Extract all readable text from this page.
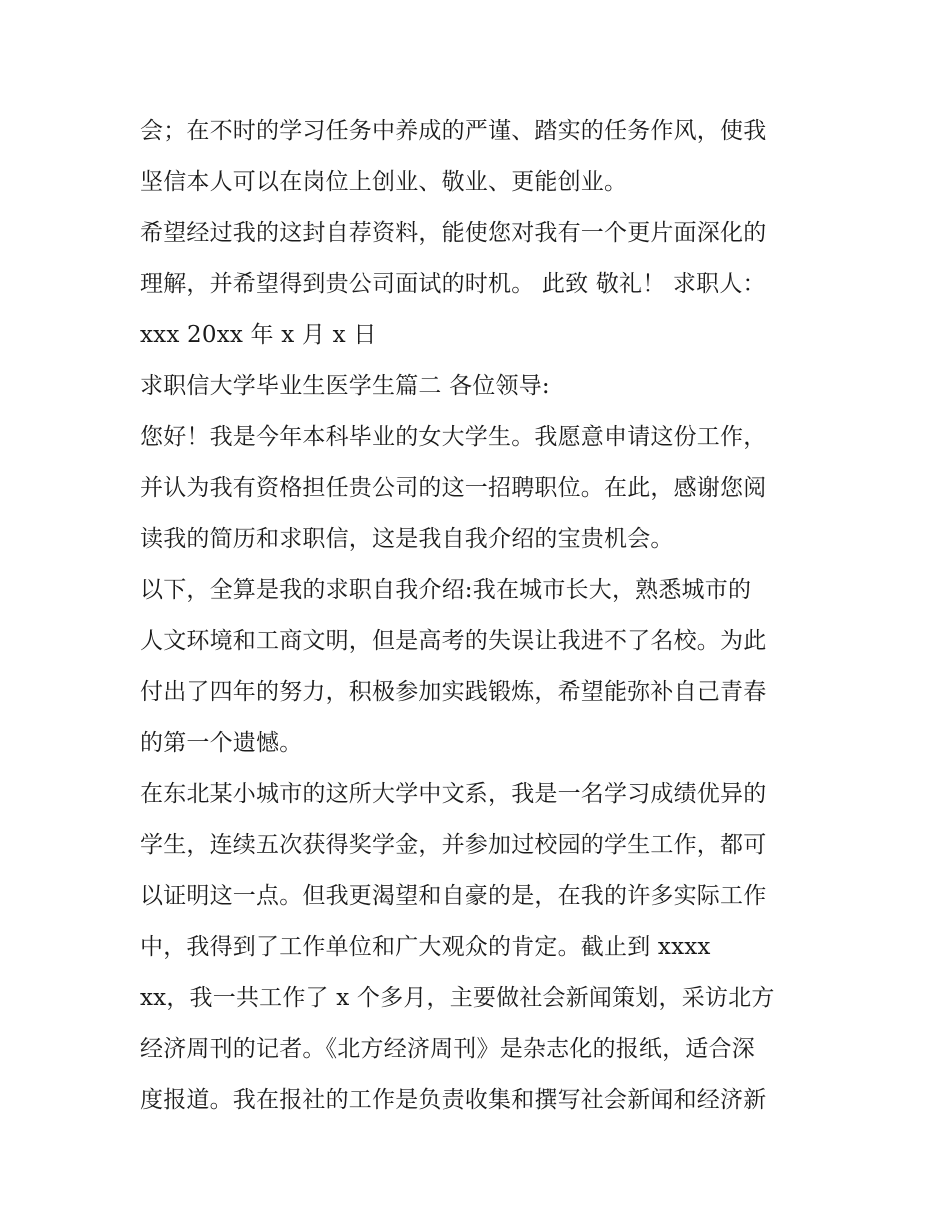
会；在不时的学习任务中养成的严谨、踏实的任务作风，使我
坚信本人可以在岗位上创业、敬业、更能创业。
希望经过我的这封自荐资料，能使您对我有一个更片面深化的
理解，并希望得到贵公司面试的时机。 此致 敬礼！ 求职人：
xxx 20xx 年 x 月 x 日
求职信大学毕业生医学生篇二 各位领导:
您好！我是今年本科毕业的女大学生。我愿意申请这份工作，
并认为我有资格担任贵公司的这一招聘职位。在此，感谢您阅
读我的简历和求职信，这是我自我介绍的宝贵机会。
以下，全算是我的求职自我介绍:我在城市长大，熟悉城市的
人文环境和工商文明，但是高考的失误让我进不了名校。为此
付出了四年的努力，积极参加实践锻炼，希望能弥补自己青春
的第一个遗憾。
在东北某小城市的这所大学中文系，我是一名学习成绩优异的
学生，连续五次获得奖学金，并参加过校园的学生工作，都可
以证明这一点。但我更渴望和自豪的是，在我的许多实际工作
中，我得到了工作单位和广大观众的肯定。截止到 xxxx
xx，我一共工作了 x 个多月，主要做社会新闻策划，采访北方
经济周刊的记者。《北方经济周刊》是杂志化的报纸，适合深
度报道。我在报社的工作是负责收集和撰写社会新闻和经济新
